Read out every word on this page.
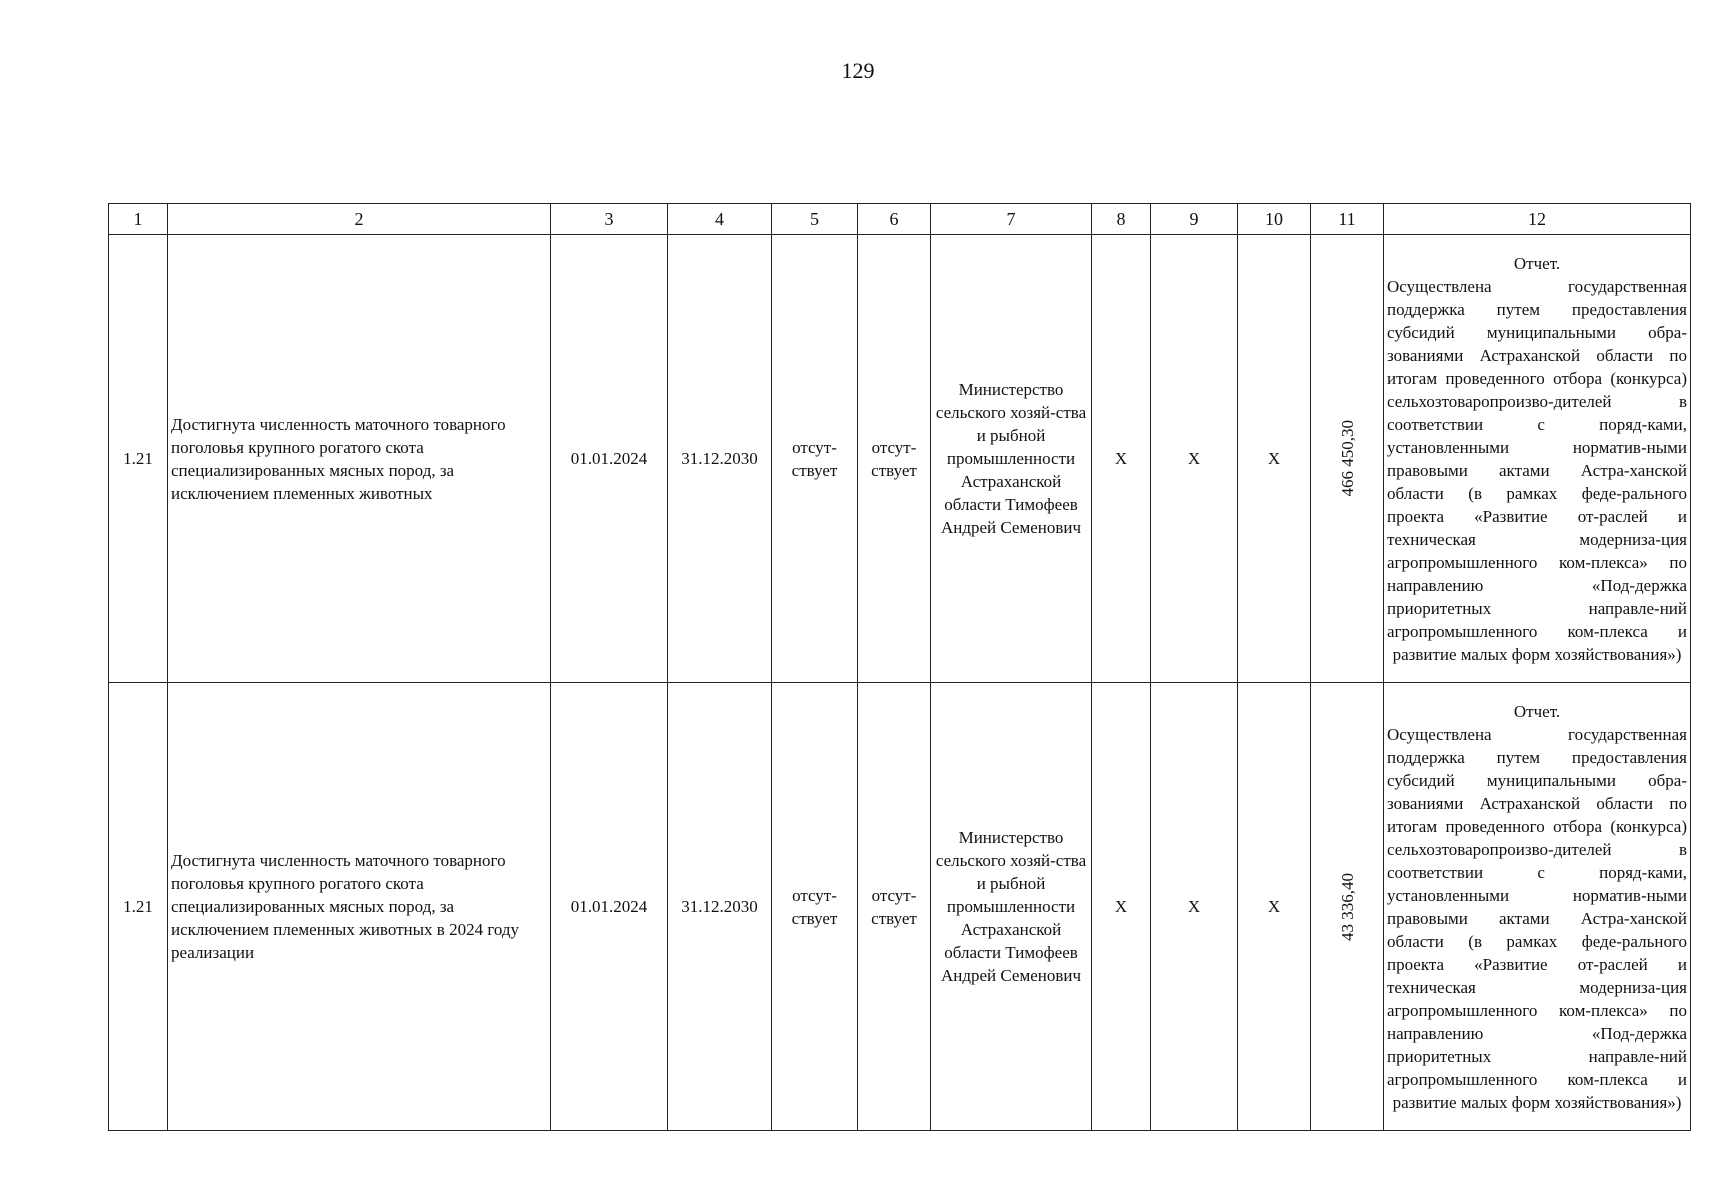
129
1	2	3	4	5	6	7	8	9	10	11	12
1.21	Достигнута численность маточного товарного поголовья крупного рогатого скота специализированных мясных пород, за исключением племенных животных	01.01.2024	31.12.2030	отсут-ствует	отсут-ствует	Министерство сельского хозяй-ства и рыбной промышленности Астраханской области Тимофеев Андрей Семенович	X	X	X	466 450,30	Отчет.
Осуществлена государственная поддержка путем предоставления субсидий муниципальными обра-зованиями Астраханской области по итогам проведенного отбора (конкурса) сельхозтоваропроизво-дителей в соответствии с поряд-ками, установленными норматив-ными правовыми актами Астра-ханской области (в рамках феде-рального проекта «Развитие от-раслей и техническая модерниза-ция агропромышленного ком-плекса» по направлению «Под-держка приоритетных направле-ний агропромышленного ком-плекса и развитие малых форм хозяйствования»)

1.21	Достигнута численность маточного товарного поголовья крупного рогатого скота специализированных мясных пород, за исключением племенных животных в 2024 году реализации	01.01.2024	31.12.2030	отсут-ствует	отсут-ствует	Министерство сельского хозяй-ства и рыбной промышленности Астраханской области Тимофеев Андрей Семенович	X	X	X	43 336,40	Отчет.
Осуществлена государственная поддержка путем предоставления субсидий муниципальными обра-зованиями Астраханской области по итогам проведенного отбора (конкурса) сельхозтоваропроизво-дителей в соответствии с поряд-ками, установленными норматив-ными правовыми актами Астра-ханской области (в рамках феде-рального проекта «Развитие от-раслей и техническая модерниза-ция агропромышленного ком-плекса» по направлению «Под-держка приоритетных направле-ний агропромышленного ком-плекса и развитие малых форм хозяйствования»)
